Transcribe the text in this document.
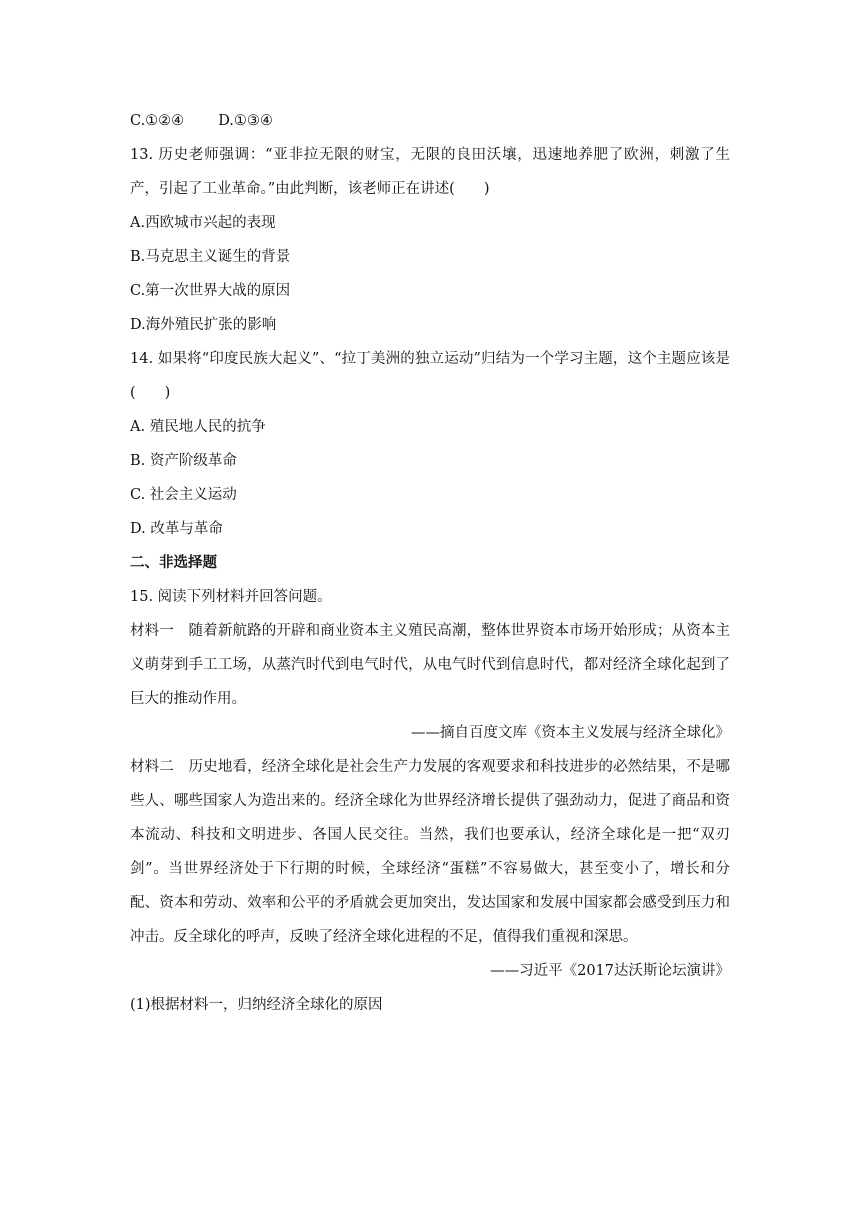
C.①②④ D.①③④
13. 历史老师强调：“亚非拉无限的财宝，无限的良田沃壤，迅速地养肥了欧洲，刺激了生产，引起了工业革命。”由此判断，该老师正在讲述(　　)
A.西欧城市兴起的表现
B.马克思主义诞生的背景
C.第一次世界大战的原因
D.海外殖民扩张的影响
14. 如果将“印度民族大起义”、“拉丁美洲的独立运动”归结为一个学习主题，这个主题应该是(　　)
A. 殖民地人民的抗争
B. 资产阶级革命
C. 社会主义运动
D. 改革与革命
二、非选择题
15. 阅读下列材料并回答问题。
材料一　随着新航路的开辟和商业资本主义殖民高潮，整体世界资本市场开始形成；从资本主义萌芽到手工工场，从蒸汽时代到电气时代，从电气时代到信息时代，都对经济全球化起到了巨大的推动作用。
——摘自百度文库《资本主义发展与经济全球化》
材料二　历史地看，经济全球化是社会生产力发展的客观要求和科技进步的必然结果，不是哪些人、哪些国家人为造出来的。经济全球化为世界经济增长提供了强劲动力，促进了商品和资本流动、科技和文明进步、各国人民交往。当然，我们也要承认，经济全球化是一把“双刃剑”。当世界经济处于下行期的时候，全球经济“蛋糕”不容易做大，甚至变小了，增长和分配、资本和劳动、效率和公平的矛盾就会更加突出，发达国家和发展中国家都会感受到压力和冲击。反全球化的呼声，反映了经济全球化进程的不足，值得我们重视和深思。
——习近平《2017达沃斯论坛演讲》
(1)根据材料一，归纳经济全球化的原因
